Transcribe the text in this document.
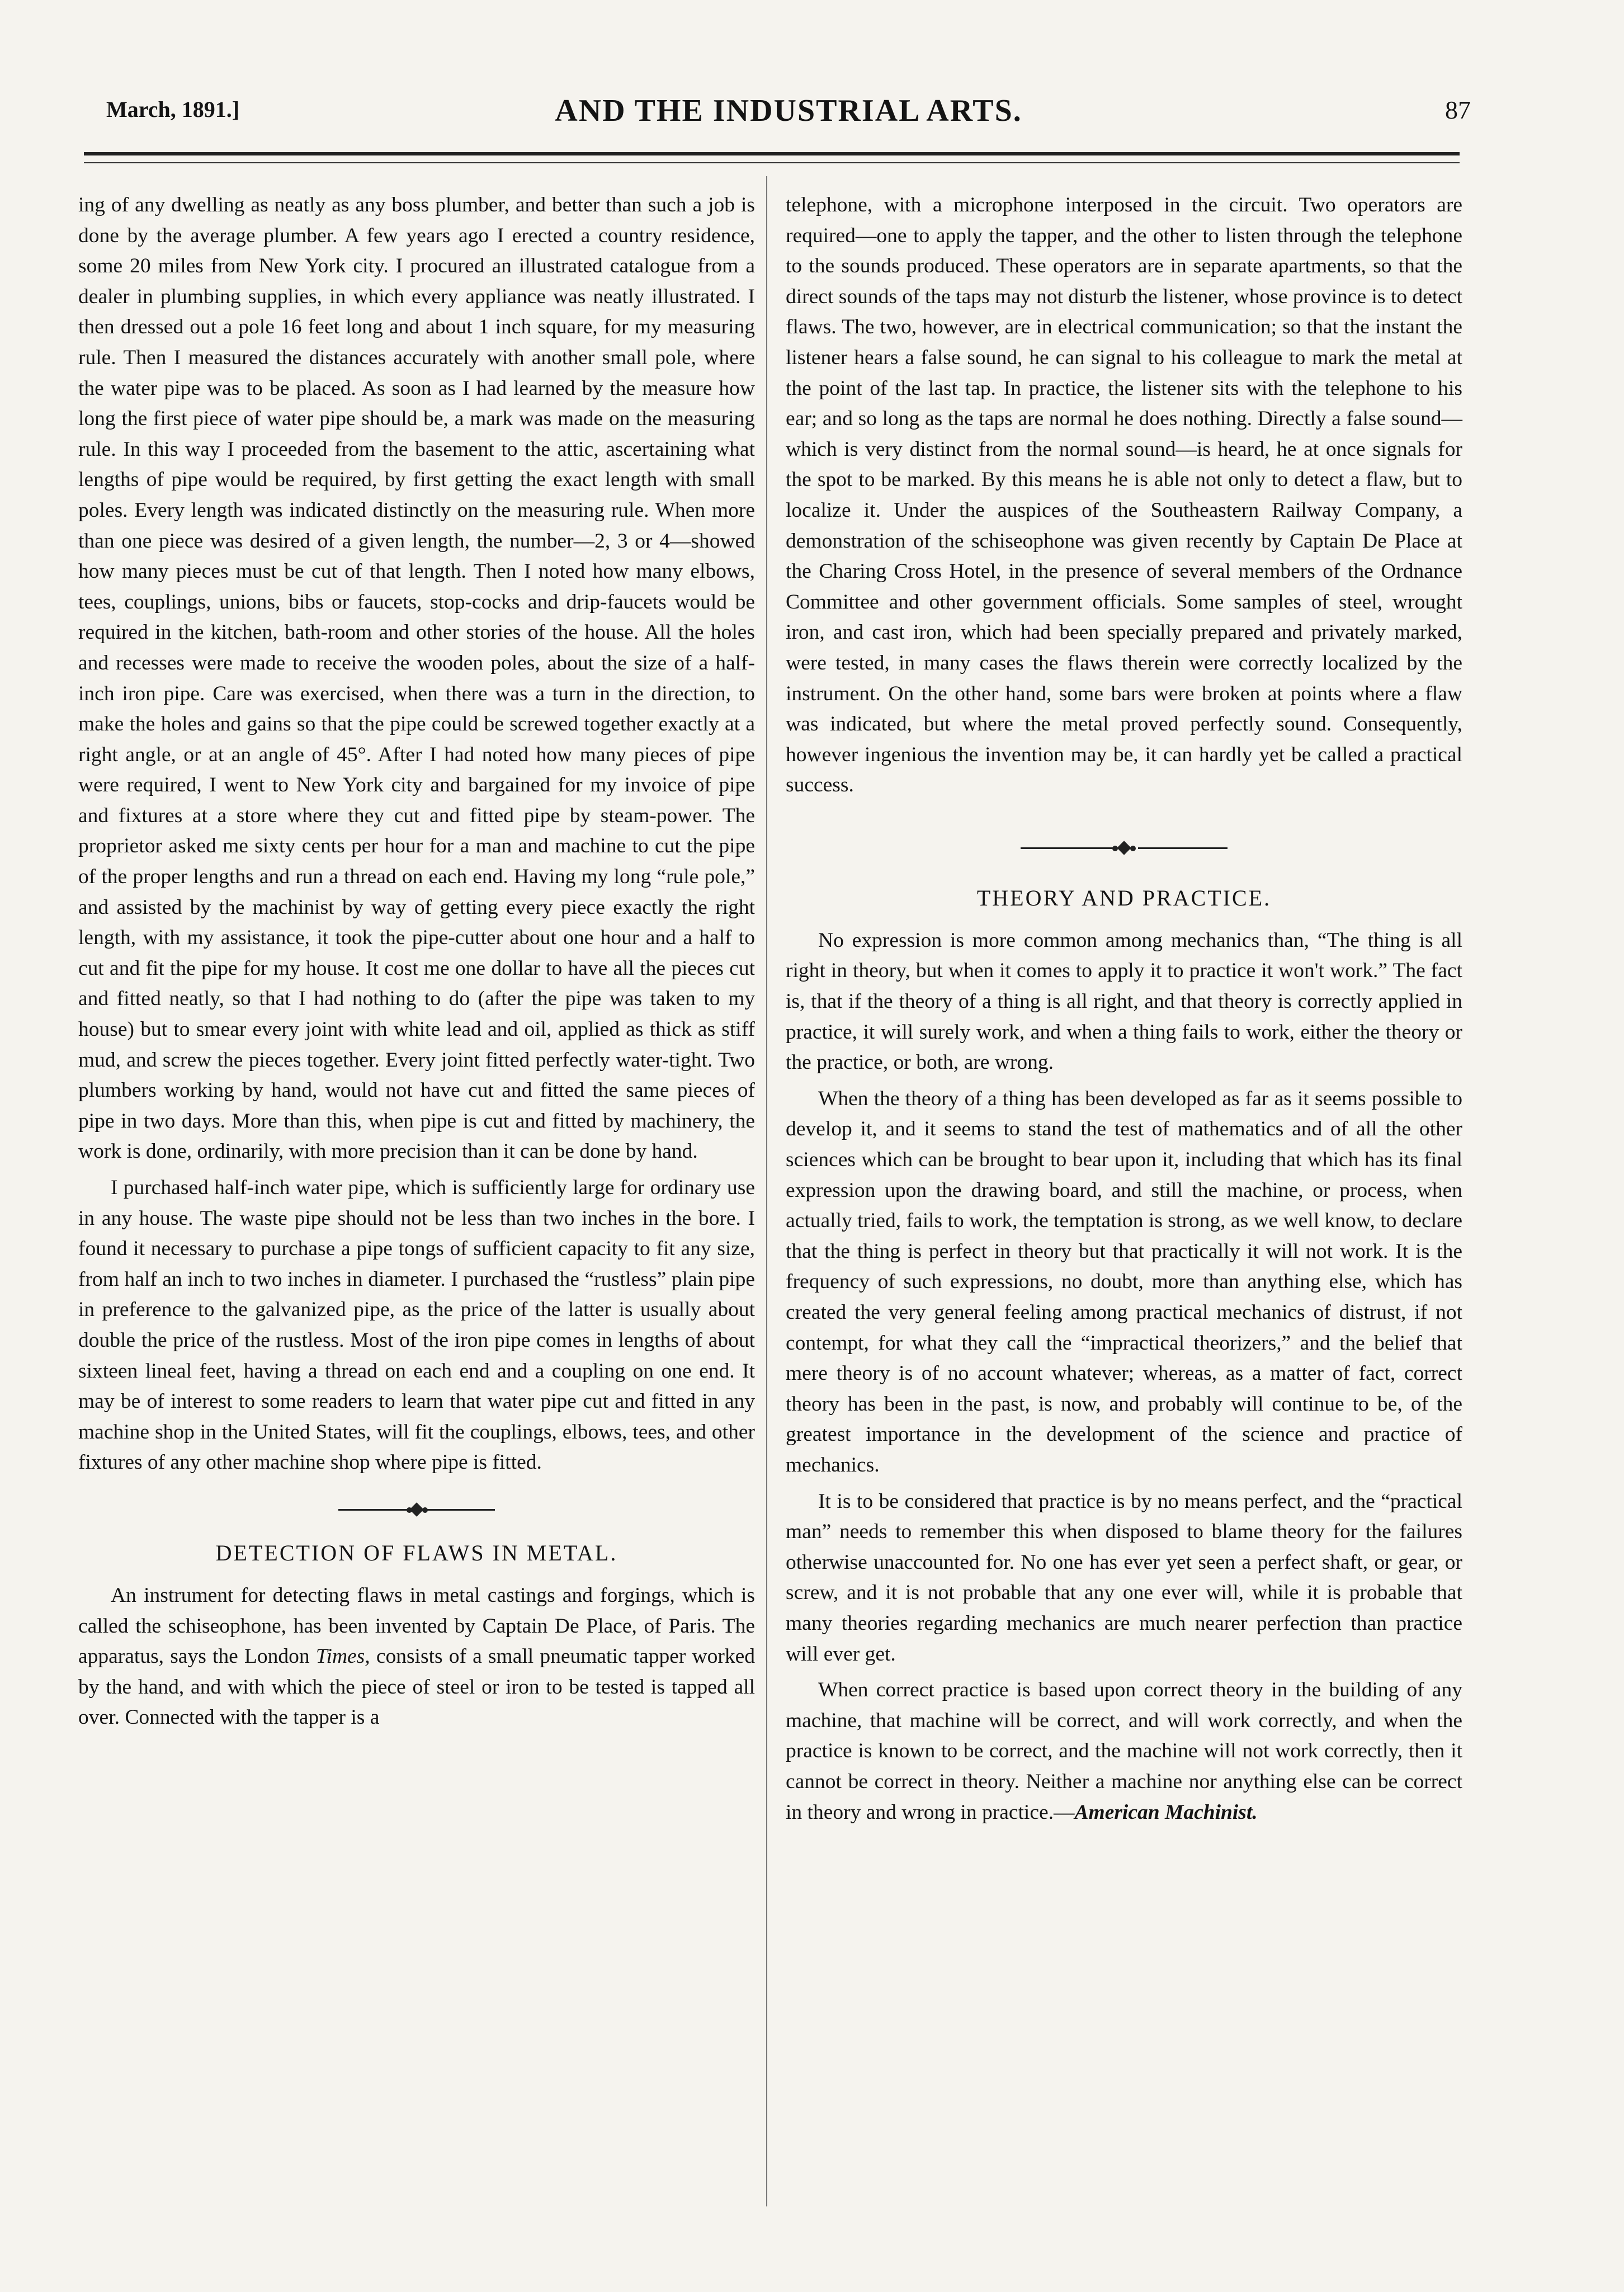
March, 1891.]	AND THE INDUSTRIAL ARTS.	87

ing of any dwelling as neatly as any boss plumber, and better than such a job is done by the average plumber. A few years ago I erected a country residence, some 20 miles from New York city. I procured an illustrated catalogue from a dealer in plumbing supplies, in which every appliance was neatly illustrated. I then dressed out a pole 16 feet long and about 1 inch square, for my measuring rule. Then I measured the distances accurately with another small pole, where the water pipe was to be placed. As soon as I had learned by the measure how long the first piece of water pipe should be, a mark was made on the measuring rule. In this way I proceeded from the basement to the attic, ascertaining what lengths of pipe would be required, by first getting the exact length with small poles. Every length was indicated distinctly on the measuring rule. When more than one piece was desired of a given length, the number—2, 3 or 4—showed how many pieces must be cut of that length. Then I noted how many elbows, tees, couplings, unions, bibs or faucets, stop-cocks and drip-faucets would be required in the kitchen, bath-room and other stories of the house. All the holes and recesses were made to receive the wooden poles, about the size of a half-inch iron pipe. Care was exercised, when there was a turn in the direction, to make the holes and gains so that the pipe could be screwed together exactly at a right angle, or at an angle of 45°. After I had noted how many pieces of pipe were required, I went to New York city and bargained for my invoice of pipe and fixtures at a store where they cut and fitted pipe by steam-power. The proprietor asked me sixty cents per hour for a man and machine to cut the pipe of the proper lengths and run a thread on each end. Having my long “rule pole,” and assisted by the machinist by way of getting every piece exactly the right length, with my assistance, it took the pipe-cutter about one hour and a half to cut and fit the pipe for my house. It cost me one dollar to have all the pieces cut and fitted neatly, so that I had nothing to do (after the pipe was taken to my house) but to smear every joint with white lead and oil, applied as thick as stiff mud, and screw the pieces together. Every joint fitted perfectly water-tight. Two plumbers working by hand, would not have cut and fitted the same pieces of pipe in two days. More than this, when pipe is cut and fitted by machinery, the work is done, ordinarily, with more precision than it can be done by hand.

I purchased half-inch water pipe, which is sufficiently large for ordinary use in any house. The waste pipe should not be less than two inches in the bore. I found it necessary to purchase a pipe tongs of sufficient capacity to fit any size, from half an inch to two inches in diameter. I purchased the “rustless” plain pipe in preference to the galvanized pipe, as the price of the latter is usually about double the price of the rustless. Most of the iron pipe comes in lengths of about sixteen lineal feet, having a thread on each end and a coupling on one end. It may be of interest to some readers to learn that water pipe cut and fitted in any machine shop in the United States, will fit the couplings, elbows, tees, and other fixtures of any other machine shop where pipe is fitted.

DETECTION OF FLAWS IN METAL.

An instrument for detecting flaws in metal castings and forgings, which is called the schiseophone, has been invented by Captain De Place, of Paris. The apparatus, says the London Times, consists of a small pneumatic tapper worked by the hand, and with which the piece of steel or iron to be tested is tapped all over. Connected with the tapper is a

telephone, with a microphone interposed in the circuit. Two operators are required—one to apply the tapper, and the other to listen through the telephone to the sounds produced. These operators are in separate apartments, so that the direct sounds of the taps may not disturb the listener, whose province is to detect flaws. The two, however, are in electrical communication; so that the instant the listener hears a false sound, he can signal to his colleague to mark the metal at the point of the last tap. In practice, the listener sits with the telephone to his ear; and so long as the taps are normal he does nothing. Directly a false sound—which is very distinct from the normal sound—is heard, he at once signals for the spot to be marked. By this means he is able not only to detect a flaw, but to localize it. Under the auspices of the Southeastern Railway Company, a demonstration of the schiseophone was given recently by Captain De Place at the Charing Cross Hotel, in the presence of several members of the Ordnance Committee and other government officials. Some samples of steel, wrought iron, and cast iron, which had been specially prepared and privately marked, were tested, in many cases the flaws therein were correctly localized by the instrument. On the other hand, some bars were broken at points where a flaw was indicated, but where the metal proved perfectly sound. Consequently, however ingenious the invention may be, it can hardly yet be called a practical success.

THEORY AND PRACTICE.

No expression is more common among mechanics than, “The thing is all right in theory, but when it comes to apply it to practice it won't work.” The fact is, that if the theory of a thing is all right, and that theory is correctly applied in practice, it will surely work, and when a thing fails to work, either the theory or the practice, or both, are wrong.

When the theory of a thing has been developed as far as it seems possible to develop it, and it seems to stand the test of mathematics and of all the other sciences which can be brought to bear upon it, including that which has its final expression upon the drawing board, and still the machine, or process, when actually tried, fails to work, the temptation is strong, as we well know, to declare that the thing is perfect in theory but that practically it will not work. It is the frequency of such expressions, no doubt, more than anything else, which has created the very general feeling among practical mechanics of distrust, if not contempt, for what they call the “impractical theorizers,” and the belief that mere theory is of no account whatever; whereas, as a matter of fact, correct theory has been in the past, is now, and probably will continue to be, of the greatest importance in the development of the science and practice of mechanics.

It is to be considered that practice is by no means perfect, and the “practical man” needs to remember this when disposed to blame theory for the failures otherwise unaccounted for. No one has ever yet seen a perfect shaft, or gear, or screw, and it is not probable that any one ever will, while it is probable that many theories regarding mechanics are much nearer perfection than practice will ever get.

When correct practice is based upon correct theory in the building of any machine, that machine will be correct, and will work correctly, and when the practice is known to be correct, and the machine will not work correctly, then it cannot be correct in theory. Neither a machine nor anything else can be correct in theory and wrong in practice.—American Machinist.
